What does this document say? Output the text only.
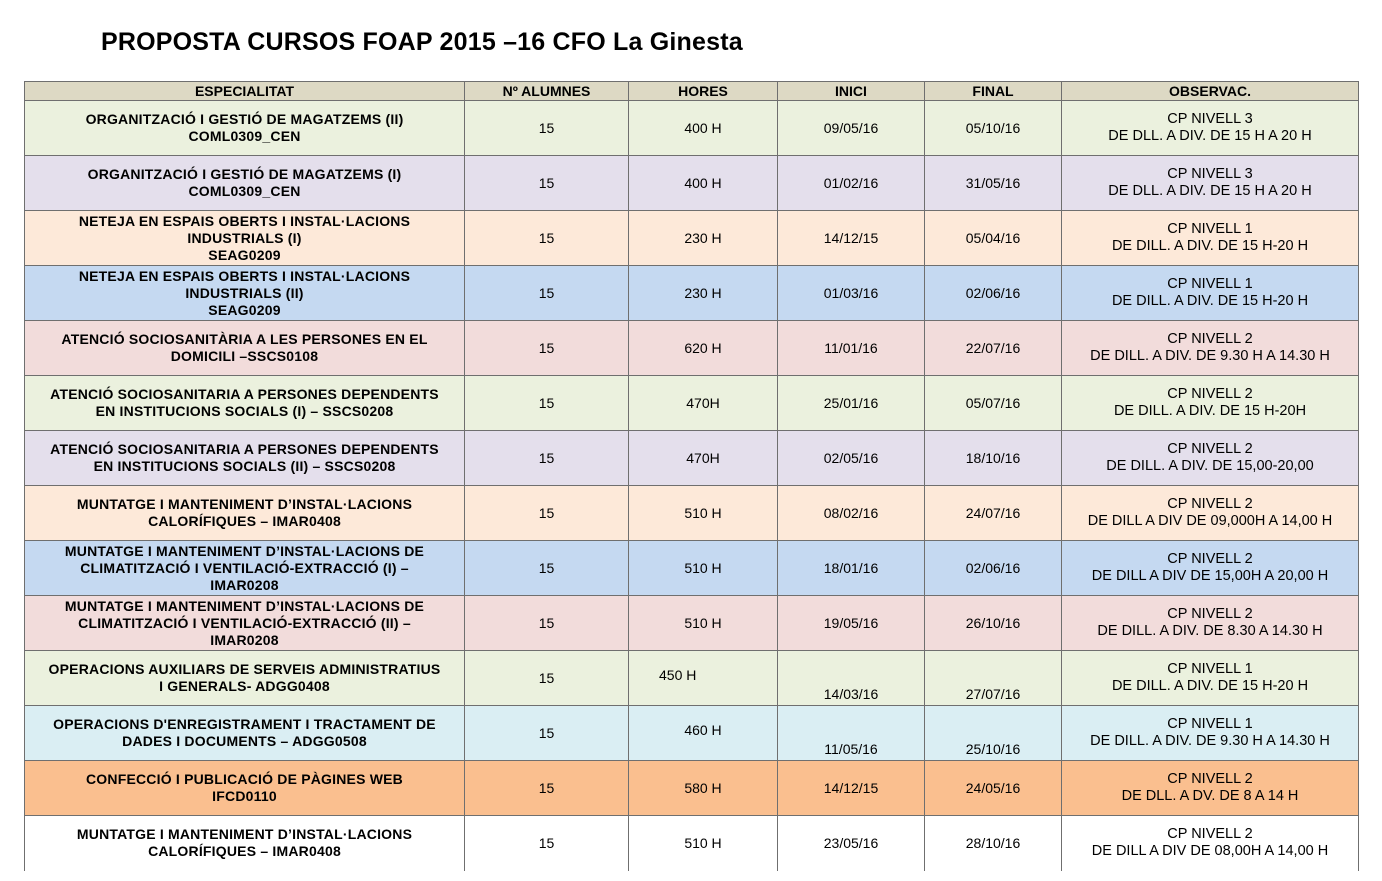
PROPOSTA CURSOS FOAP 2015 –16 CFO La Ginesta
ESPECIALITAT	Nº ALUMNES	HORES	INICI	FINAL	OBSERVAC.
ORGANITZACIÓ I GESTIÓ DE MAGATZEMS (II)
COML0309_CEN	15	400 H	09/05/16	05/10/16	CP NIVELL 3
DE DLL. A DIV. DE 15 H A 20 H
ORGANITZACIÓ I GESTIÓ DE MAGATZEMS (I)
COML0309_CEN	15	400 H	01/02/16	31/05/16	CP NIVELL 3
DE DLL. A DIV. DE 15 H A 20 H
NETEJA EN ESPAIS OBERTS I INSTAL·LACIONS
INDUSTRIALS (I)
SEAG0209	15	230 H	14/12/15	05/04/16	CP NIVELL 1
DE DILL. A DIV. DE 15 H-20 H
NETEJA EN ESPAIS OBERTS I INSTAL·LACIONS
INDUSTRIALS (II)
SEAG0209	15	230 H	01/03/16	02/06/16	CP NIVELL 1
DE DILL. A DIV. DE 15 H-20 H
ATENCIÓ SOCIOSANITÀRIA A LES PERSONES EN EL
DOMICILI –SSCS0108	15	620 H	11/01/16	22/07/16	CP NIVELL 2
DE DILL. A DIV. DE 9.30 H A 14.30 H
ATENCIÓ SOCIOSANITARIA A PERSONES DEPENDENTS
EN INSTITUCIONS SOCIALS (I) – SSCS0208	15	470H	25/01/16	05/07/16	CP NIVELL 2
DE DILL. A DIV. DE 15 H-20H
ATENCIÓ SOCIOSANITARIA A PERSONES DEPENDENTS
EN INSTITUCIONS SOCIALS (II) – SSCS0208	15	470H	02/05/16	18/10/16	CP NIVELL 2
DE DILL. A DIV. DE 15,00-20,00
MUNTATGE I MANTENIMENT D’INSTAL·LACIONS
CALORÍFIQUES – IMAR0408	15	510 H	08/02/16	24/07/16	CP NIVELL 2
DE DILL A DIV DE 09,000H A 14,00 H
MUNTATGE I MANTENIMENT D’INSTAL·LACIONS DE
CLIMATITZACIÓ I VENTILACIÓ-EXTRACCIÓ (I) –
IMAR0208	15	510 H	18/01/16	02/06/16	CP NIVELL 2
DE DILL A DIV DE 15,00H A 20,00 H
MUNTATGE I MANTENIMENT D’INSTAL·LACIONS DE
CLIMATITZACIÓ I VENTILACIÓ-EXTRACCIÓ (II) –
IMAR0208	15	510 H	19/05/16	26/10/16	CP NIVELL 2
DE DILL. A DIV. DE 8.30 A 14.30 H
OPERACIONS AUXILIARS DE SERVEIS ADMINISTRATIUS
I GENERALS- ADGG0408	15	450 H	14/03/16	27/07/16	CP NIVELL 1
DE DILL. A DIV. DE 15 H-20 H
OPERACIONS D'ENREGISTRAMENT I TRACTAMENT DE
DADES I DOCUMENTS – ADGG0508	15	460 H	11/05/16	25/10/16	CP NIVELL 1
DE DILL. A DIV. DE 9.30 H A 14.30 H
CONFECCIÓ I PUBLICACIÓ DE PÀGINES WEB
IFCD0110	15	580 H	14/12/15	24/05/16	CP NIVELL 2
DE DLL. A DV. DE 8 A 14 H
MUNTATGE I MANTENIMENT D’INSTAL·LACIONS
CALORÍFIQUES – IMAR0408	15	510 H	23/05/16	28/10/16	CP NIVELL 2
DE DILL A DIV DE 08,00H A 14,00 H
